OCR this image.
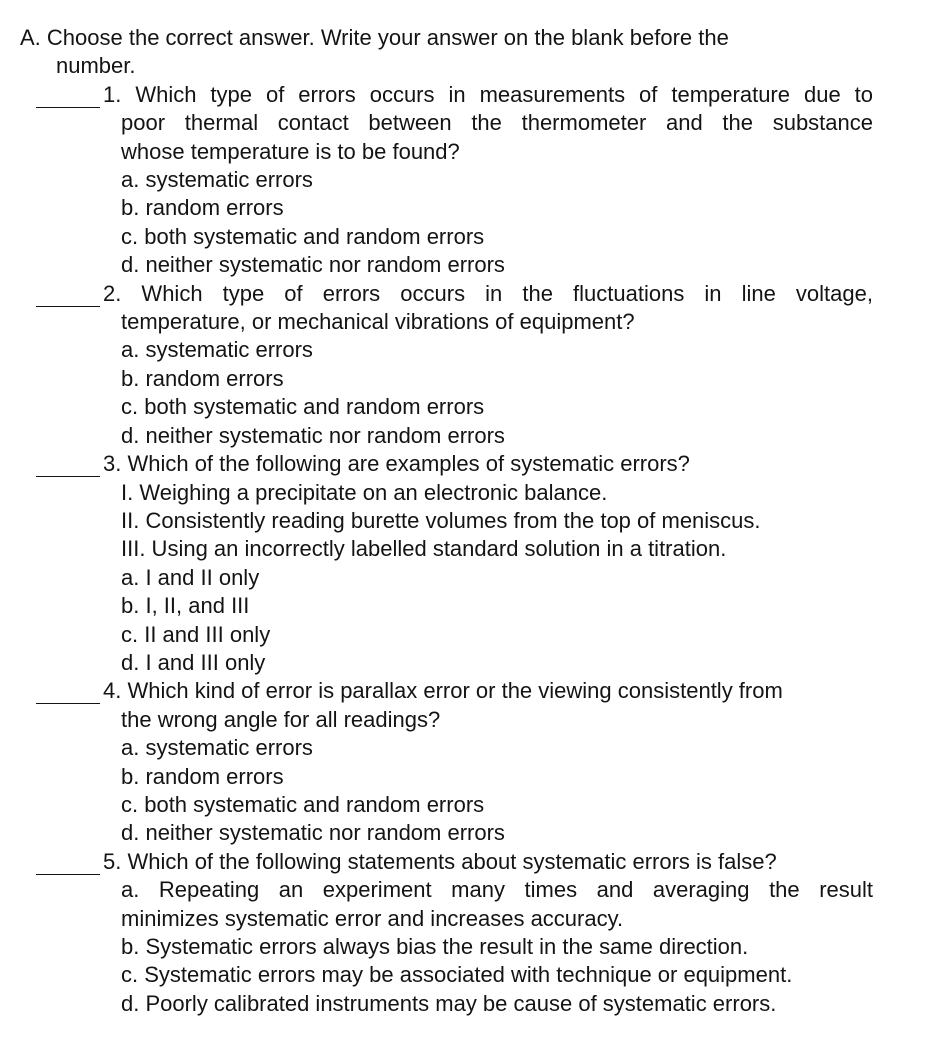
A. Choose the correct answer. Write your answer on the blank before the
number.
1. Which type of errors occurs in measurements of temperature due to
poor thermal contact between the thermometer and the substance
whose temperature is to be found?
a. systematic errors
b. random errors
c. both systematic and random errors
d. neither systematic nor random errors
2. Which type of errors occurs in the fluctuations in line voltage,
temperature, or mechanical vibrations of equipment?
a. systematic errors
b. random errors
c. both systematic and random errors
d. neither systematic nor random errors
3. Which of the following are examples of systematic errors?
I. Weighing a precipitate on an electronic balance.
II. Consistently reading burette volumes from the top of meniscus.
III. Using an incorrectly labelled standard solution in a titration.
a. I and II only
b. I, II, and III
c. II and III only
d. I and III only
4. Which kind of error is parallax error or the viewing consistently from
the wrong angle for all readings?
a. systematic errors
b. random errors
c. both systematic and random errors
d. neither systematic nor random errors
5. Which of the following statements about systematic errors is false?
a. Repeating an experiment many times and averaging the result
minimizes systematic error and increases accuracy.
b. Systematic errors always bias the result in the same direction.
c. Systematic errors may be associated with technique or equipment.
d. Poorly calibrated instruments may be cause of systematic errors.
